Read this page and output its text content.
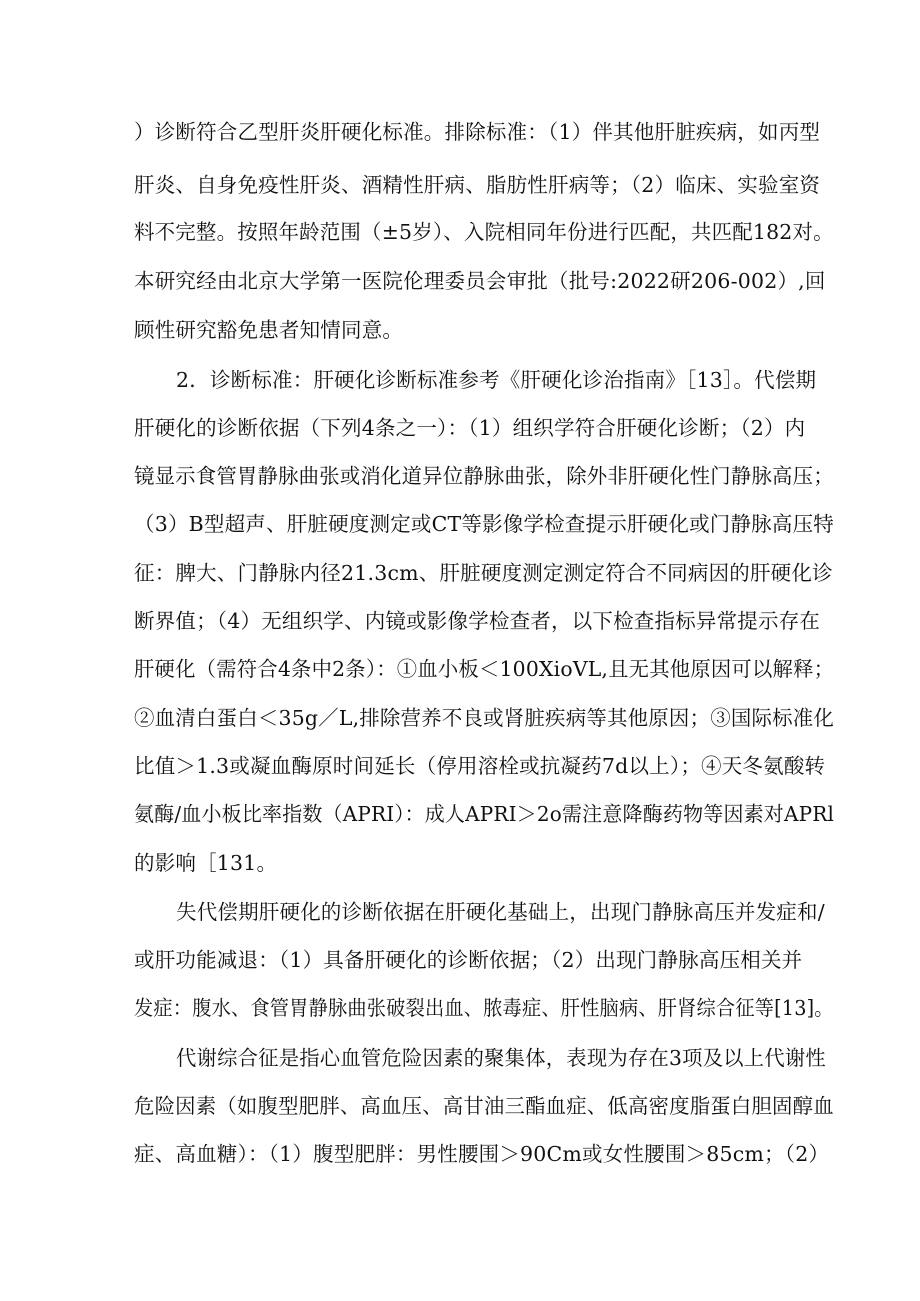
）诊断符合乙型肝炎肝硬化标准。排除标准：（1）伴其他肝脏疾病，如丙型
肝炎、自身免疫性肝炎、酒精性肝病、脂肪性肝病等；（2）临床、实验室资
料不完整。按照年龄范围（±5岁）、入院相同年份进行匹配，共匹配182对。
本研究经由北京大学第一医院伦理委员会审批（批号:2022研206-002）,回
顾性研究豁免患者知情同意。
2．诊断标准：肝硬化诊断标准参考《肝硬化诊治指南》［13］。代偿期
肝硬化的诊断依据（下列4条之一）：（1）组织学符合肝硬化诊断；（2）内
镜显示食管胃静脉曲张或消化道异位静脉曲张，除外非肝硬化性门静脉高压；
（3）B型超声、肝脏硬度测定或CT等影像学检查提示肝硬化或门静脉高压特
征：脾大、门静脉内径21.3cm、肝脏硬度测定测定符合不同病因的肝硬化诊
断界值；（4）无组织学、内镜或影像学检查者，以下检查指标异常提示存在
肝硬化（需符合4条中2条）：①血小板＜100XioVL,且无其他原因可以解释；
②血清白蛋白＜35g／L,排除营养不良或肾脏疾病等其他原因；③国际标准化
比值＞1.3或凝血酶原时间延长（停用溶栓或抗凝药7d以上）；④天冬氨酸转
氨酶/血小板比率指数（APRI）：成人APRI＞2o需注意降酶药物等因素对APRl
的影响［131。
失代偿期肝硬化的诊断依据在肝硬化基础上，出现门静脉高压并发症和/
或肝功能减退：（1）具备肝硬化的诊断依据；（2）出现门静脉高压相关并
发症：腹水、食管胃静脉曲张破裂出血、脓毒症、肝性脑病、肝肾综合征等[13]。
代谢综合征是指心血管危险因素的聚集体，表现为存在3项及以上代谢性
危险因素（如腹型肥胖、高血压、高甘油三酯血症、低高密度脂蛋白胆固醇血
症、高血糖）：（1）腹型肥胖：男性腰围＞90Cm或女性腰围＞85cm；（2）
